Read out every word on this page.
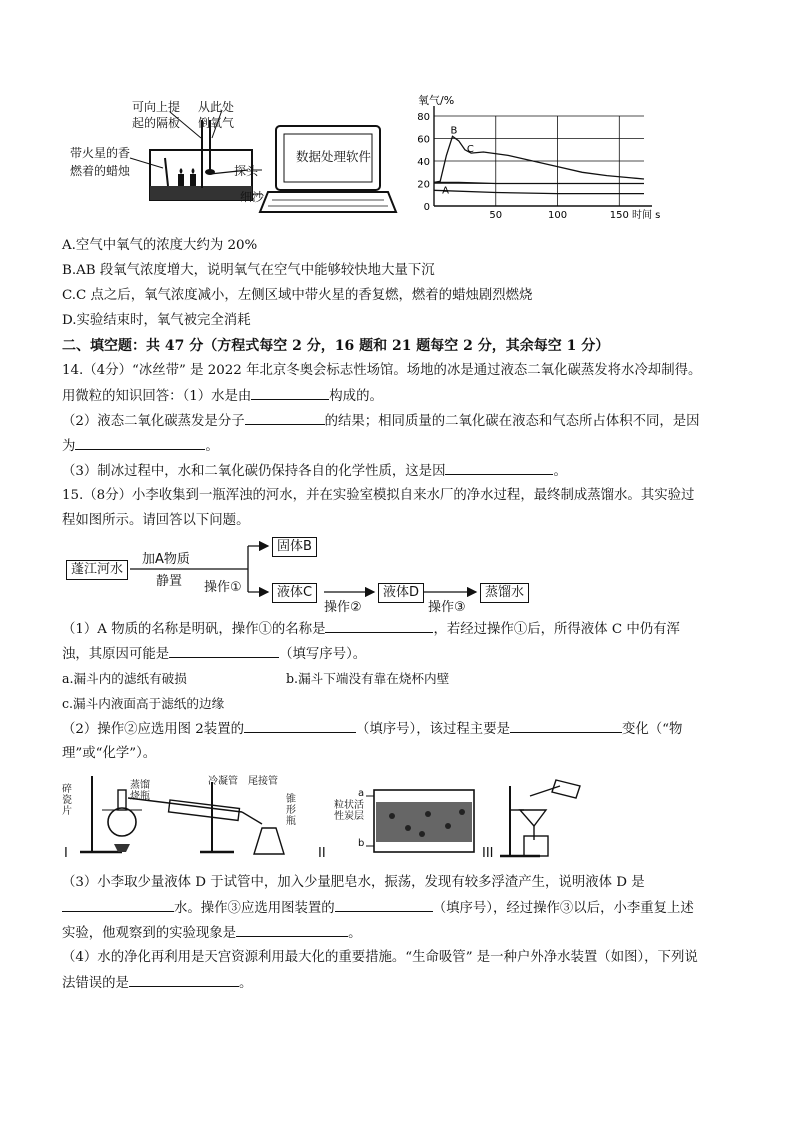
可向上提
起的隔板
从此处
倒氧气
带火星的香
燃着的蜡烛	探头
细沙
数据处理软件
0
20
40
60
80
50	100	150
氧气/%
时间 s
A
B
C
A.空气中氧气的浓度大约为 20%
B.AB 段氧气浓度增大，说明氧气在空气中能够较快地大量下沉
C.C 点之后，氧气浓度减小，左侧区域中带火星的香复燃，燃着的蜡烛剧烈燃烧
D.实验结束时，氧气被完全消耗
二、填空题：共 47 分（方程式每空 2 分，16 题和 21 题每空 2 分，其余每空 1 分）
14.（4分）“冰丝带” 是 2022 年北京冬奥会标志性场馆。场地的冰是通过液态二氧化碳蒸发将水冷却制得。
用微粒的知识回答：（1）水是由	构成的。
（2）液态二氧化碳蒸发是分子	的结果；相同质量的二氧化碳在液态和气态所占体积不同，是因
为	。
（3）制冰过程中，水和二氧化碳仍保持各自的化学性质，这是因	。
15.（8分）小李收集到一瓶浑浊的河水，并在实验室模拟自来水厂的净水过程，最终制成蒸馏水。其实验过
程如图所示。请回答以下问题。
蓬江河水
加A物质
静置 操作①
固体B
液体C
操作②
液体D
操作③
蒸馏水
（1）A 物质的名称是明矾，操作①的名称是	，若经过操作①后，所得液体 C 中仍有浑
浊，其原因可能是	（填写序号）。
a.漏斗内的滤纸有破损	b.漏斗下端没有靠在烧杯内壁
c.漏斗内液面高于滤纸的边缘
（2）操作②应选用图 2装置的	（填序号），该过程主要是	变化（“物
理”或“化学”）。
碎瓷片
蒸馏烧瓶
冷凝管 尾接管
锥形瓶
I
a
b
粒状活性炭层
II	III
（3）小李取少量液体 D 于试管中，加入少量肥皂水，振荡，发现有较多浮渣产生，说明液体 D 是
水。操作③应选用图装置的	（填序号），经过操作③以后，小李重复上述
实验，他观察到的实验现象是	。
（4）水的净化再利用是天宫资源利用最大化的重要措施。“生命吸管” 是一种户外净水装置（如图），下列说
法错误的是	。
